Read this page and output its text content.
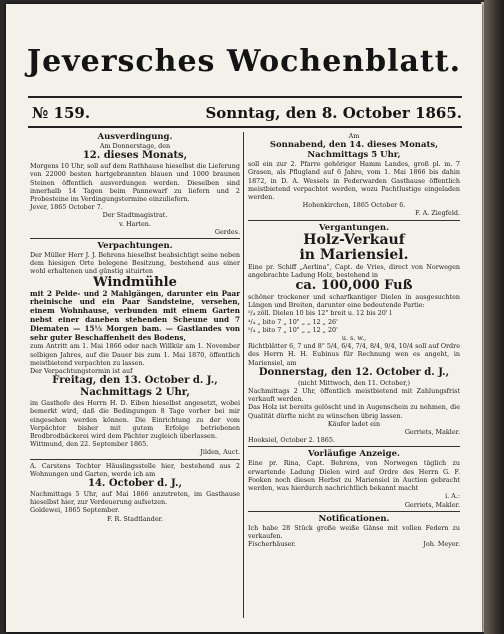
Jeversches Wochenblatt.
№ 159.	Sonntag, den 8. October 1865.

Ausverdingung.

Am Donnerstage, den

12. dieses Monats,

Morgens 10 Uhr, soll auf dem Rathhause hieselbst die Lieferung von 22000 besten hartgebrannten blauen und 1000 braunen Steinen öffentlich ausverdungen werden. Dieselben sind innerhalb 14 Tagen beim Pannewarf zu liefern und 2 Probesteine im Verdingungstermine einzuliefern.

Jever, 1865 October 7.

Der Stadtmagistrat.

v. Harten.

Gerdes.

Verpachtungen.

Der Müller Herr J. J. Behrens hieselbst beabsichtigt seine neben dem hiesigen Orte belegene Besitzung, bestehend aus einer wohl erhaltenen und günstig situirten

Windmühle

mit 2 Pelde- und 2 Mahlgängen, darunter ein Paar rheinische und ein Paar Sandsteine, versehen, einem Wohnhause, verbunden mit einem Garten nebst einer daneben stehenden Scheune und 7 Diematen — 15⅓ Morgen bam. — Gastlandes von sehr guter Beschaffenheit des Bodens,

zum Antritt am 1. Mai 1866 oder nach Willkür am 1. November selbigen Jahres, auf die Dauer bis zum 1. Mai 1870, öffentlich meistbietend verpachten zu lassen.

Der Verpachtungstermin ist auf

Freitag, den 13. October d. J.,

Nachmittags 2 Uhr,

im Gasthofe des Herrn H. D. Eiben hieselbst angesetzt, wobei bemerkt wird, daß die Bedingungen 8 Tage vorher bei mir eingesehen werden können. Die Einrichtung zu der vom Verpächter bisher mit gutem Erfolge betriebenen Brodbrodbäckerei wird dem Pächter zugleich überlassen.

Wittmund, den 22. September 1865.

Jilden, Auct.

A. Carstens Tochter Häuslingsstelle hier, bestehend aus 2 Wohnungen und Garten, werde ich am

14. October d. J.,

Nachmittags 5 Uhr, auf Mai 1866 anzutreten, im Gasthause hieselbst hier, zur Verdeuerung aufsetzen.

Goldewei, 1865 September.

F. R. Stadtlander.

Am

Sonnabend, den 14. dieses Monats,

Nachmittags 5 Uhr,

soll ein zur 2. Pfarre gehöriger Hamm Landes, groß pl. m. 7 Grasen, als Pflugland auf 6 Jahre, vom 1. Mai 1866 bis dahin 1872, in D. A. Wessels in Federwarden Gasthause öffentlich meistbietend verpachtet werden, wozu Pachtlustige eingeladen werden.

Hohenkirchen, 1865 October 6.

F. A. Ziegfeld.

Vergantungen.

Holz-Verkauf

in Mariensiel.

Eine pr. Schiff „Aerlina“, Capt. de Vries, direct von Norwegen angebrachte Ladung Holz, bestehend in

ca. 100,000 Fuß

schöner trockener und scharfkantiger Dielen in ausgesuchten Längen und Breiten, darunter eine bedeutende Partie:

⁵/₄ zöll. Dielen 10 bis 12" breit u. 12 bis 20' l

⁴/₄ „ bito 7 „ 10" „ „ 12 „ 26'

⁵/₄ „ bito 7 „ 10" „ „ 12 „ 20'

u. s. w.,

Richtblätter 6, 7 und 8" 5/4, 6/4, 7/4, 8/4, 9/4, 10/4 soll auf Ordre des Herrn H. H. Eubinus für Rechnung wen es angeht, in Mariensiel, am

Donnerstag, den 12. October d. J.,

(nicht Mittwoch, den 11. October,)

Nachmittags 2 Uhr, öffentlich meistbietend mit Zahlungsfrist verkauft werden.

Das Holz ist bereits gelöscht und in Augenschein zu nehmen, die Qualität dürfte nicht zu wünschen übrig lassen.

Käufer ladet ein

Gerriets, Makler.

Hooksiel, October 2. 1865.

Vorläufige Anzeige.

Eine pr. Rina, Capt. Behrens, von Norwegen täglich zu erwartende Ladung Dielen wird auf Ordre des Herrn G. F. Fooken noch diesen Herbst zu Mariensiel in Auction gebracht werden, was hierdurch nachrichtlich bekannt macht

i. A.:

Gerriets, Makler.

Notificationen.

Ich habe 28 Stück große weiße Gänse mit vollen Federn zu verkaufen.

Fischerhäuser.	Joh. Meyer.
